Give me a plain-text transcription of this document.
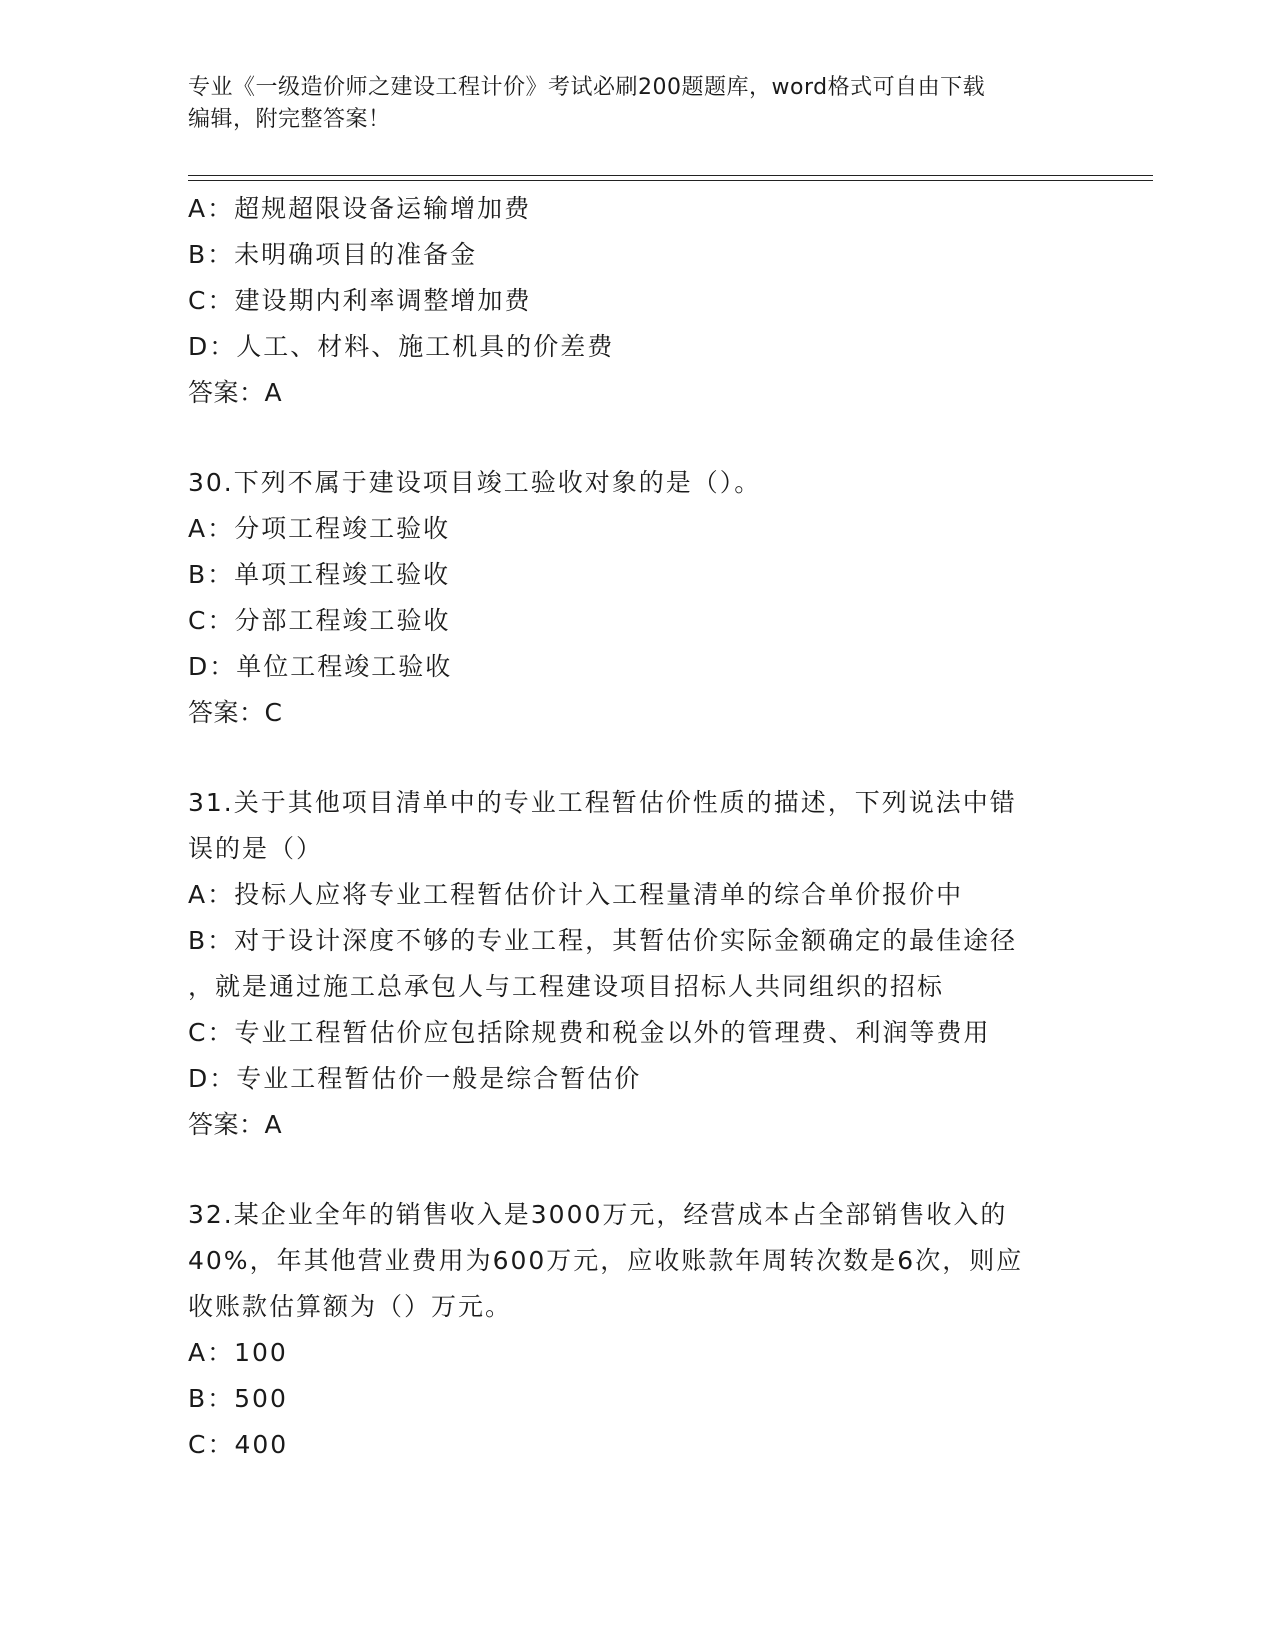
专业《一级造价师之建设工程计价》考试必刷200题题库，word格式可自由下载
编辑，附完整答案！
A：超规超限设备运输增加费
B：未明确项目的准备金
C：建设期内利率调整增加费
D：人工、材料、施工机具的价差费
答案：A
30.下列不属于建设项目竣工验收对象的是（）。
A：分项工程竣工验收
B：单项工程竣工验收
C：分部工程竣工验收
D：单位工程竣工验收
答案：C
31.关于其他项目清单中的专业工程暂估价性质的描述，下列说法中错
误的是（）
A：投标人应将专业工程暂估价计入工程量清单的综合单价报价中
B：对于设计深度不够的专业工程，其暂估价实际金额确定的最佳途径
，就是通过施工总承包人与工程建设项目招标人共同组织的招标
C：专业工程暂估价应包括除规费和税金以外的管理费、利润等费用
D：专业工程暂估价一般是综合暂估价
答案：A
32.某企业全年的销售收入是3000万元，经营成本占全部销售收入的
40%，年其他营业费用为600万元，应收账款年周转次数是6次，则应
收账款估算额为（）万元。
A：100
B：500
C：400
